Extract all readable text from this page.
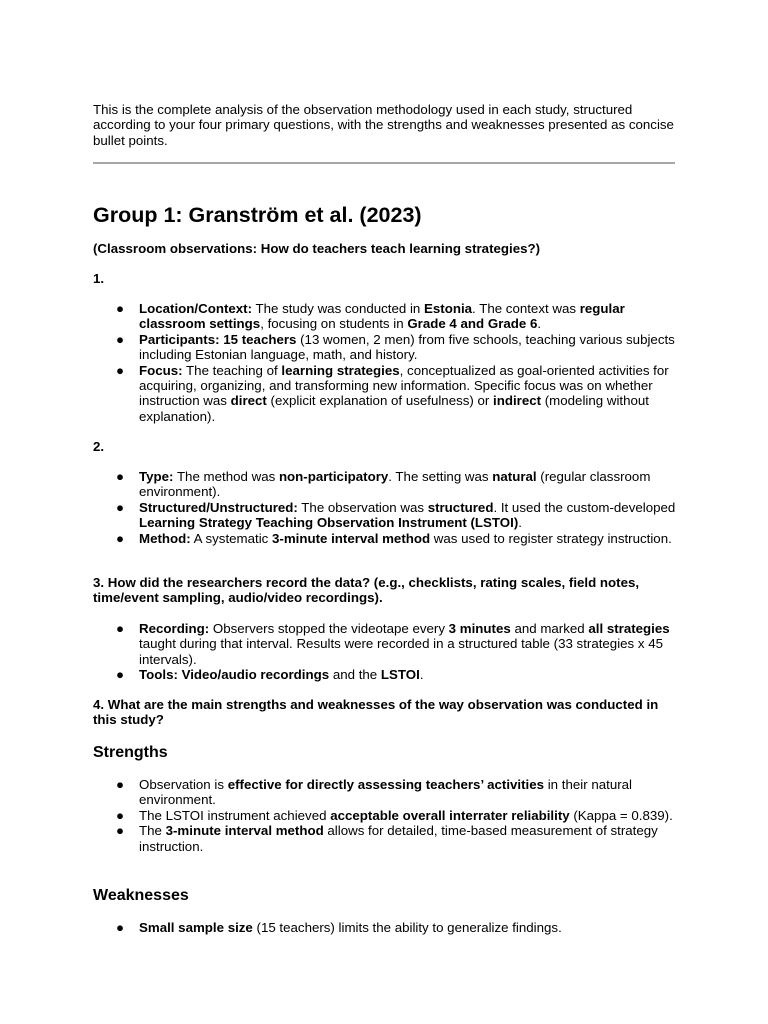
This is the complete analysis of the observation methodology used in each study, structured according to your four primary questions, with the strengths and weaknesses presented as concise bullet points.

Group 1: Granström et al. (2023)
(Classroom observations: How do teachers teach learning strategies?)
1.
● Location/Context: The study was conducted in Estonia. The context was regular classroom settings, focusing on students in Grade 4 and Grade 6.
● Participants: 15 teachers (13 women, 2 men) from five schools, teaching various subjects including Estonian language, math, and history.
● Focus: The teaching of learning strategies, conceptualized as goal-oriented activities for acquiring, organizing, and transforming new information. Specific focus was on whether instruction was direct (explicit explanation of usefulness) or indirect (modeling without explanation).
2.
● Type: The method was non-participatory. The setting was natural (regular classroom environment).
● Structured/Unstructured: The observation was structured. It used the custom-developed Learning Strategy Teaching Observation Instrument (LSTOI).
● Method: A systematic 3-minute interval method was used to register strategy instruction.
3. How did the researchers record the data? (e.g., checklists, rating scales, field notes, time/event sampling, audio/video recordings).
● Recording: Observers stopped the videotape every 3 minutes and marked all strategies taught during that interval. Results were recorded in a structured table (33 strategies x 45 intervals).
● Tools: Video/audio recordings and the LSTOI.
4. What are the main strengths and weaknesses of the way observation was conducted in this study?
Strengths
● Observation is effective for directly assessing teachers’ activities in their natural environment.
● The LSTOI instrument achieved acceptable overall interrater reliability (Kappa = 0.839).
● The 3-minute interval method allows for detailed, time-based measurement of strategy instruction.
Weaknesses
● Small sample size (15 teachers) limits the ability to generalize findings.
